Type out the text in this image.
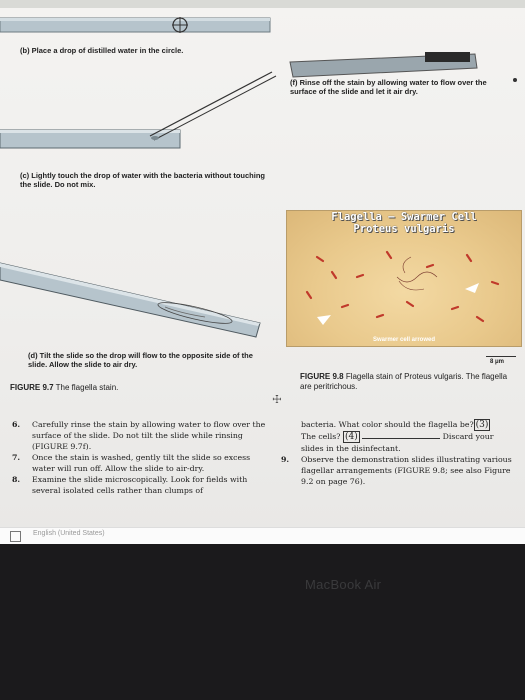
(b) Place a drop of distilled water in the circle.
(f) Rinse off the stain by allowing water to flow over the surface of the slide and let it air dry.
(c) Lightly touch the drop of water with the bacteria without touching the slide. Do not mix.
(d) Tilt the slide so the drop will flow to the opposite side of the slide. Allow the slide to air dry.
FIGURE 9.7 The flagella stain.
Flagella – Swarmer Cell
Proteus vulgaris
Swarmer cell arrowed
8 μm
FIGURE 9.8 Flagella stain of Proteus vulgaris. The flagella are peritrichous.
☩
6.	Carefully rinse the stain by allowing water to flow over the surface of the slide. Do not tilt the slide while rinsing (FIGURE 9.7f).
7.	Once the stain is washed, gently tilt the slide so excess water will run off. Allow the slide to air-dry.
8.	Examine the slide microscopically. Look for fields with several isolated cells rather than clumps of
bacteria. What color should the flagella be? (3)
The cells? (4)	Discard your
slides in the disinfectant.
9.	Observe the demonstration slides illustrating various flagellar arrangements (FIGURE 9.8; see also Figure 9.2 on page 76).
English (United States)
MacBook Air
